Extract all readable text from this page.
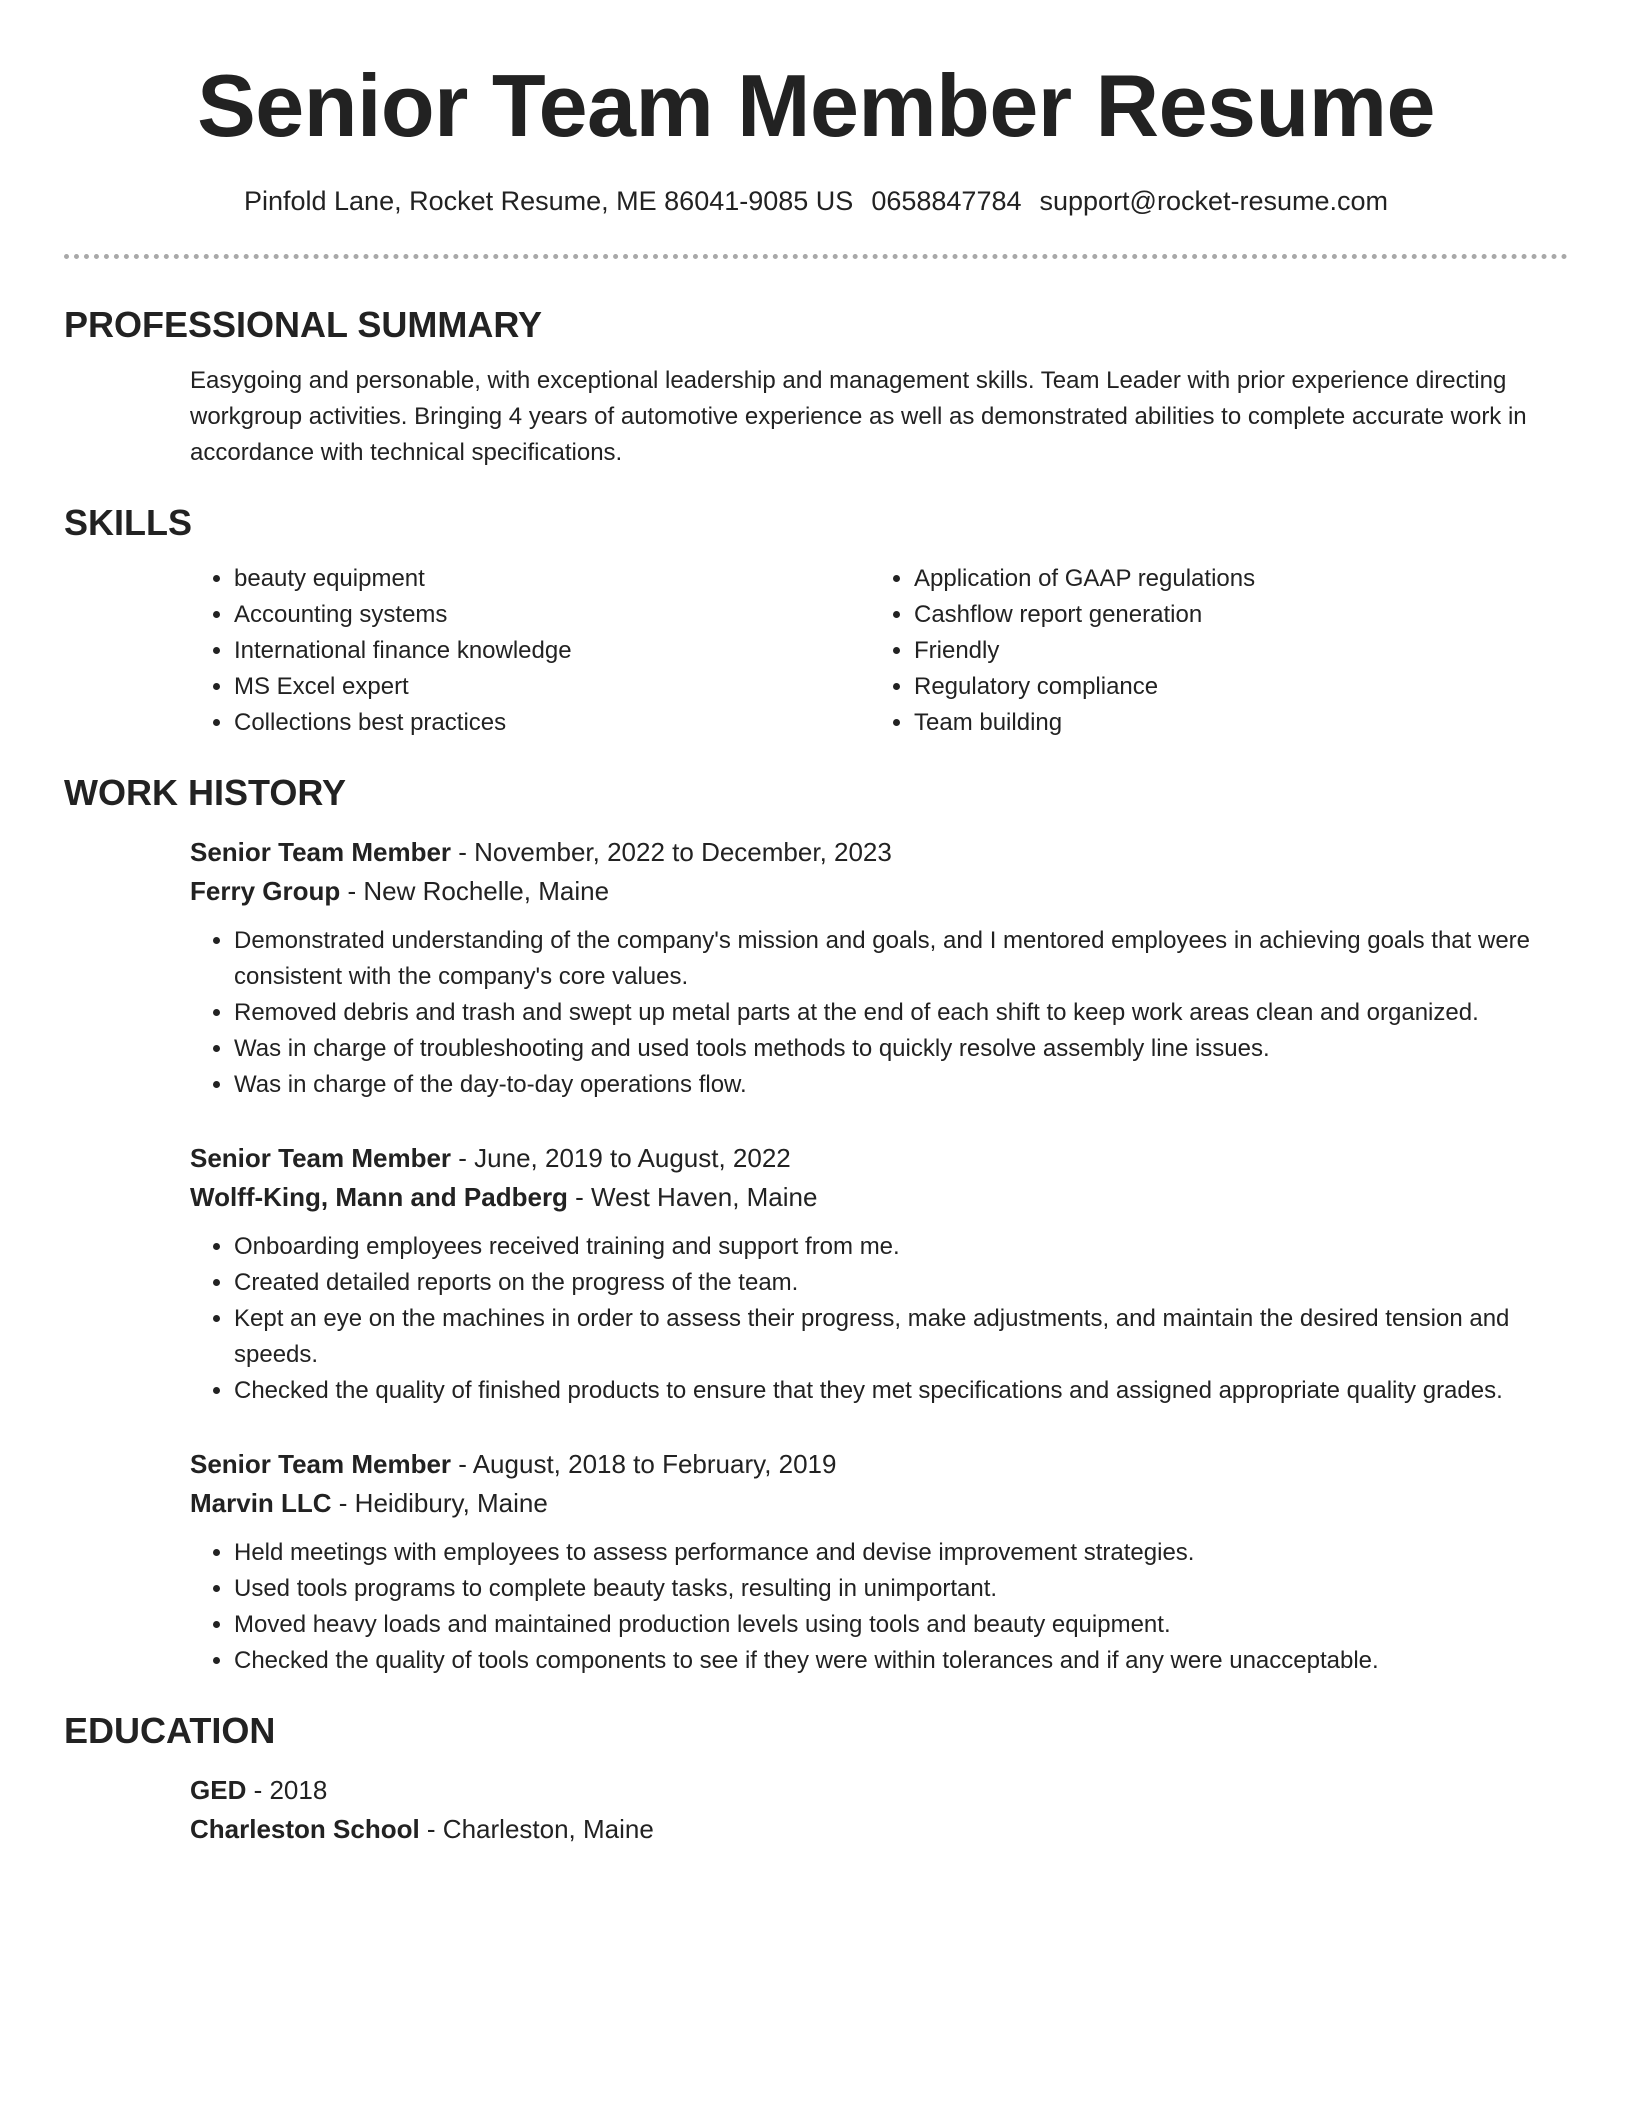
Senior Team Member Resume
Pinfold Lane, Rocket Resume, ME 86041-9085 US 0658847784 support@rocket-resume.com
PROFESSIONAL SUMMARY
Easygoing and personable, with exceptional leadership and management skills. Team Leader with prior experience directing workgroup activities. Bringing 4 years of automotive experience as well as demonstrated abilities to complete accurate work in accordance with technical specifications.
SKILLS
• beauty equipment
• Accounting systems
• International finance knowledge
• MS Excel expert
• Collections best practices
• Application of GAAP regulations
• Cashflow report generation
• Friendly
• Regulatory compliance
• Team building
WORK HISTORY
Senior Team Member - November, 2022 to December, 2023
Ferry Group - New Rochelle, Maine
• Demonstrated understanding of the company's mission and goals, and I mentored employees in achieving goals that were consistent with the company's core values.
• Removed debris and trash and swept up metal parts at the end of each shift to keep work areas clean and organized.
• Was in charge of troubleshooting and used tools methods to quickly resolve assembly line issues.
• Was in charge of the day-to-day operations flow.
Senior Team Member - June, 2019 to August, 2022
Wolff-King, Mann and Padberg - West Haven, Maine
• Onboarding employees received training and support from me.
• Created detailed reports on the progress of the team.
• Kept an eye on the machines in order to assess their progress, make adjustments, and maintain the desired tension and speeds.
• Checked the quality of finished products to ensure that they met specifications and assigned appropriate quality grades.
Senior Team Member - August, 2018 to February, 2019
Marvin LLC - Heidibury, Maine
• Held meetings with employees to assess performance and devise improvement strategies.
• Used tools programs to complete beauty tasks, resulting in unimportant.
• Moved heavy loads and maintained production levels using tools and beauty equipment.
• Checked the quality of tools components to see if they were within tolerances and if any were unacceptable.
EDUCATION
GED - 2018
Charleston School - Charleston, Maine
